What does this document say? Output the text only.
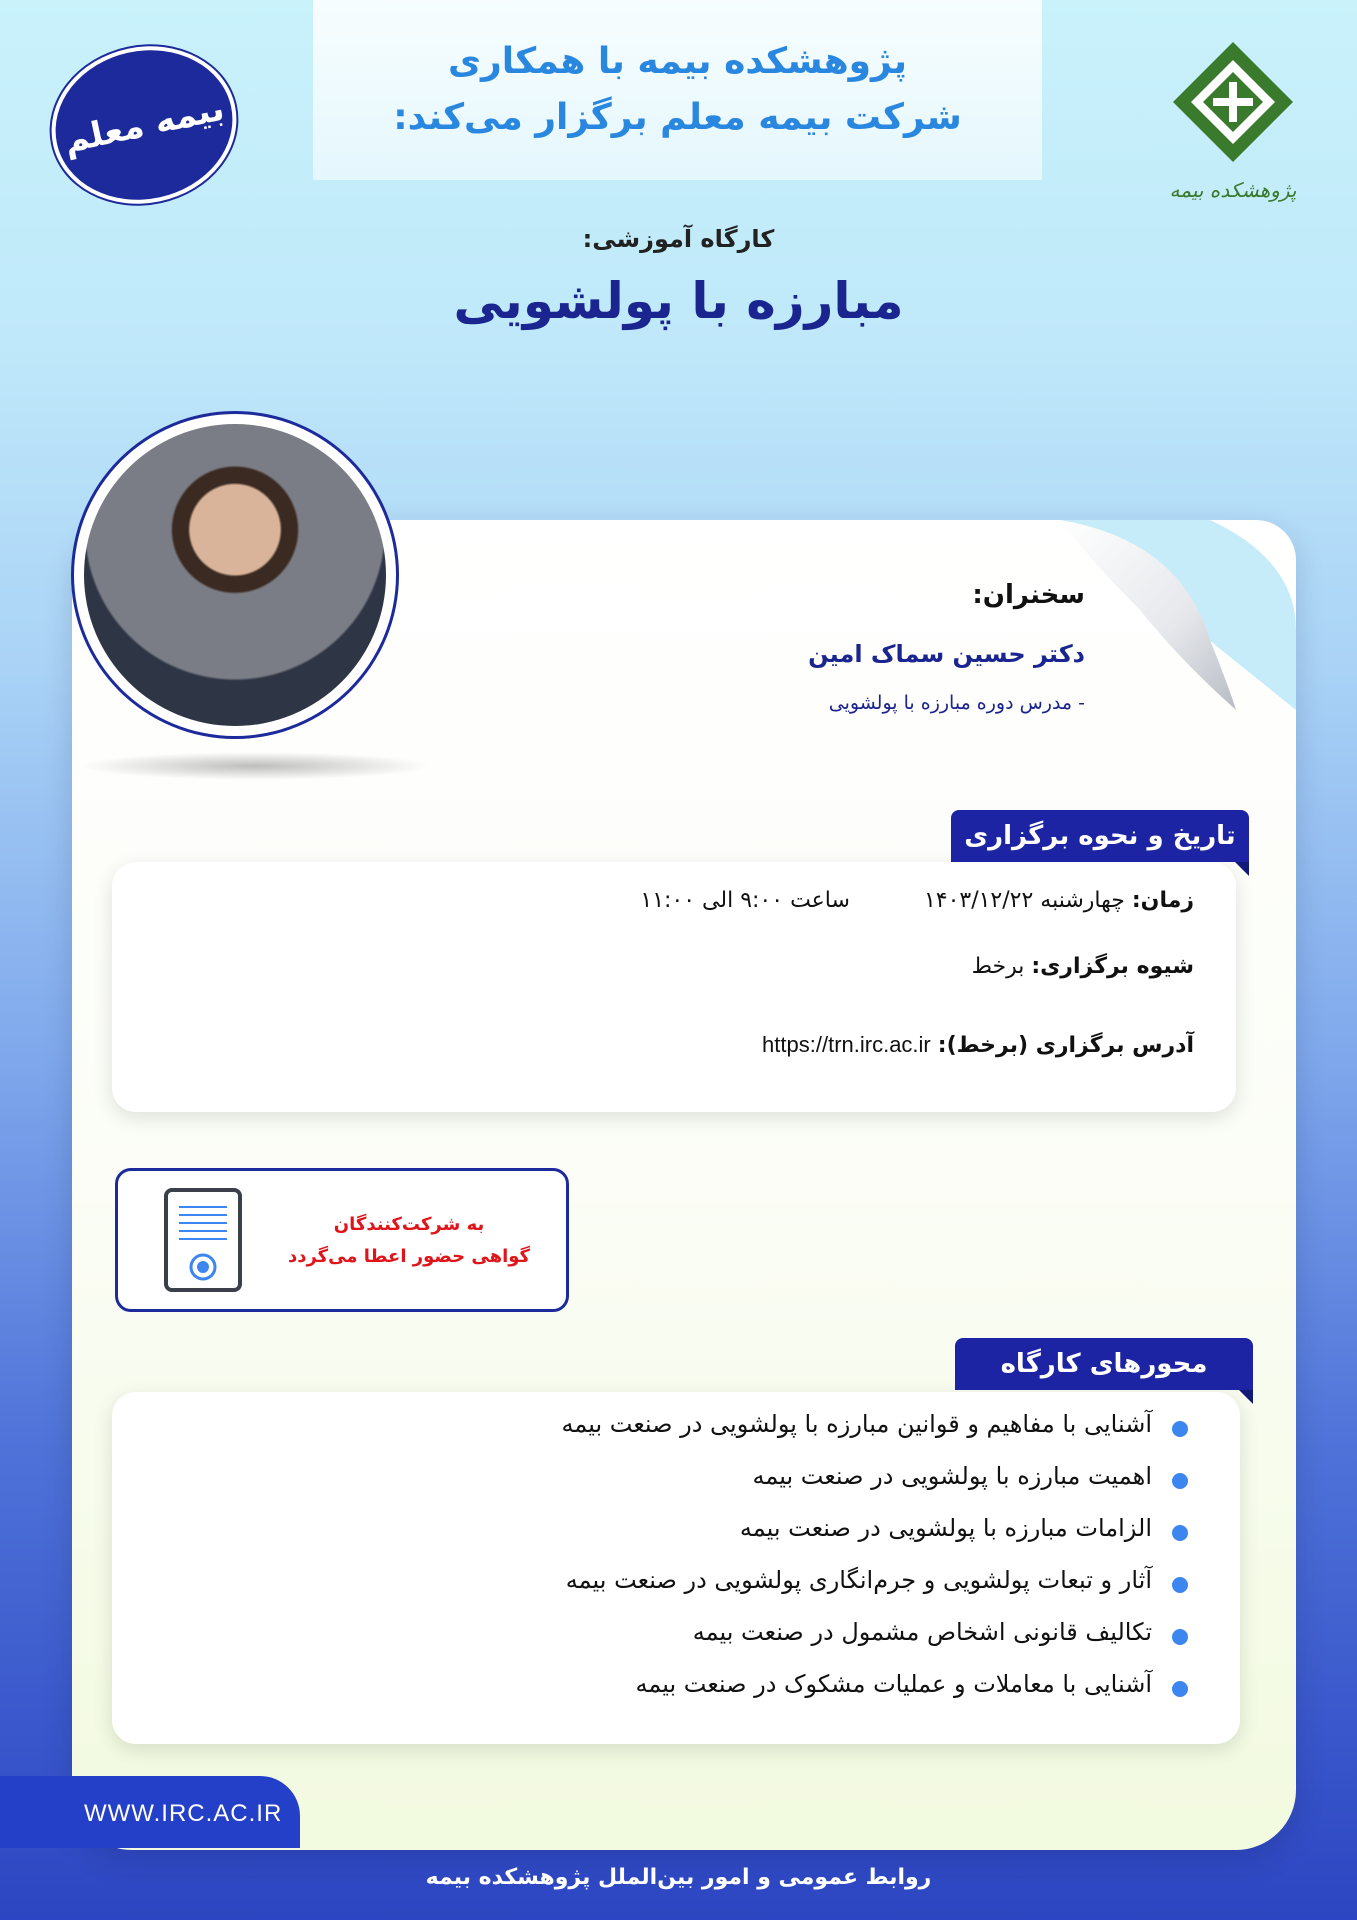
پژوهشکده بیمه با همکاری
شرکت بیمه معلم برگزار می‌کند:
بیمه معلم
پژوهشکده بیمه
کارگاه آموزشی:
مبارزه با پولشویی
سخنران:
دکتر حسین سماک امین
- مدرس دوره مبارزه با پولشویی
زمان: چهارشنبه ۱۴۰۳/۱۲/۲۲  ساعت ۹:۰۰ الی ۱۱:۰۰
شیوه برگزاری: برخط
آدرس برگزاری (برخط): https://trn.irc.ac.ir
تاریخ و نحوه برگزاری
به شرکت‌کنندگان
گواهی حضور اعطا می‌گردد
آشنایی با مفاهیم و قوانین مبارزه با پولشویی در صنعت بیمه
اهمیت مبارزه با پولشویی در صنعت بیمه
الزامات مبارزه با پولشویی در صنعت بیمه
آثار و تبعات پولشویی و جرم‌انگاری پولشویی در صنعت بیمه
تکالیف قانونی اشخاص مشمول در صنعت بیمه
آشنایی با معاملات و عملیات مشکوک در صنعت بیمه
محورهای کارگاه
WWW.IRC.AC.IR
روابط عمومی و امور بین‌الملل پژوهشکده بیمه
